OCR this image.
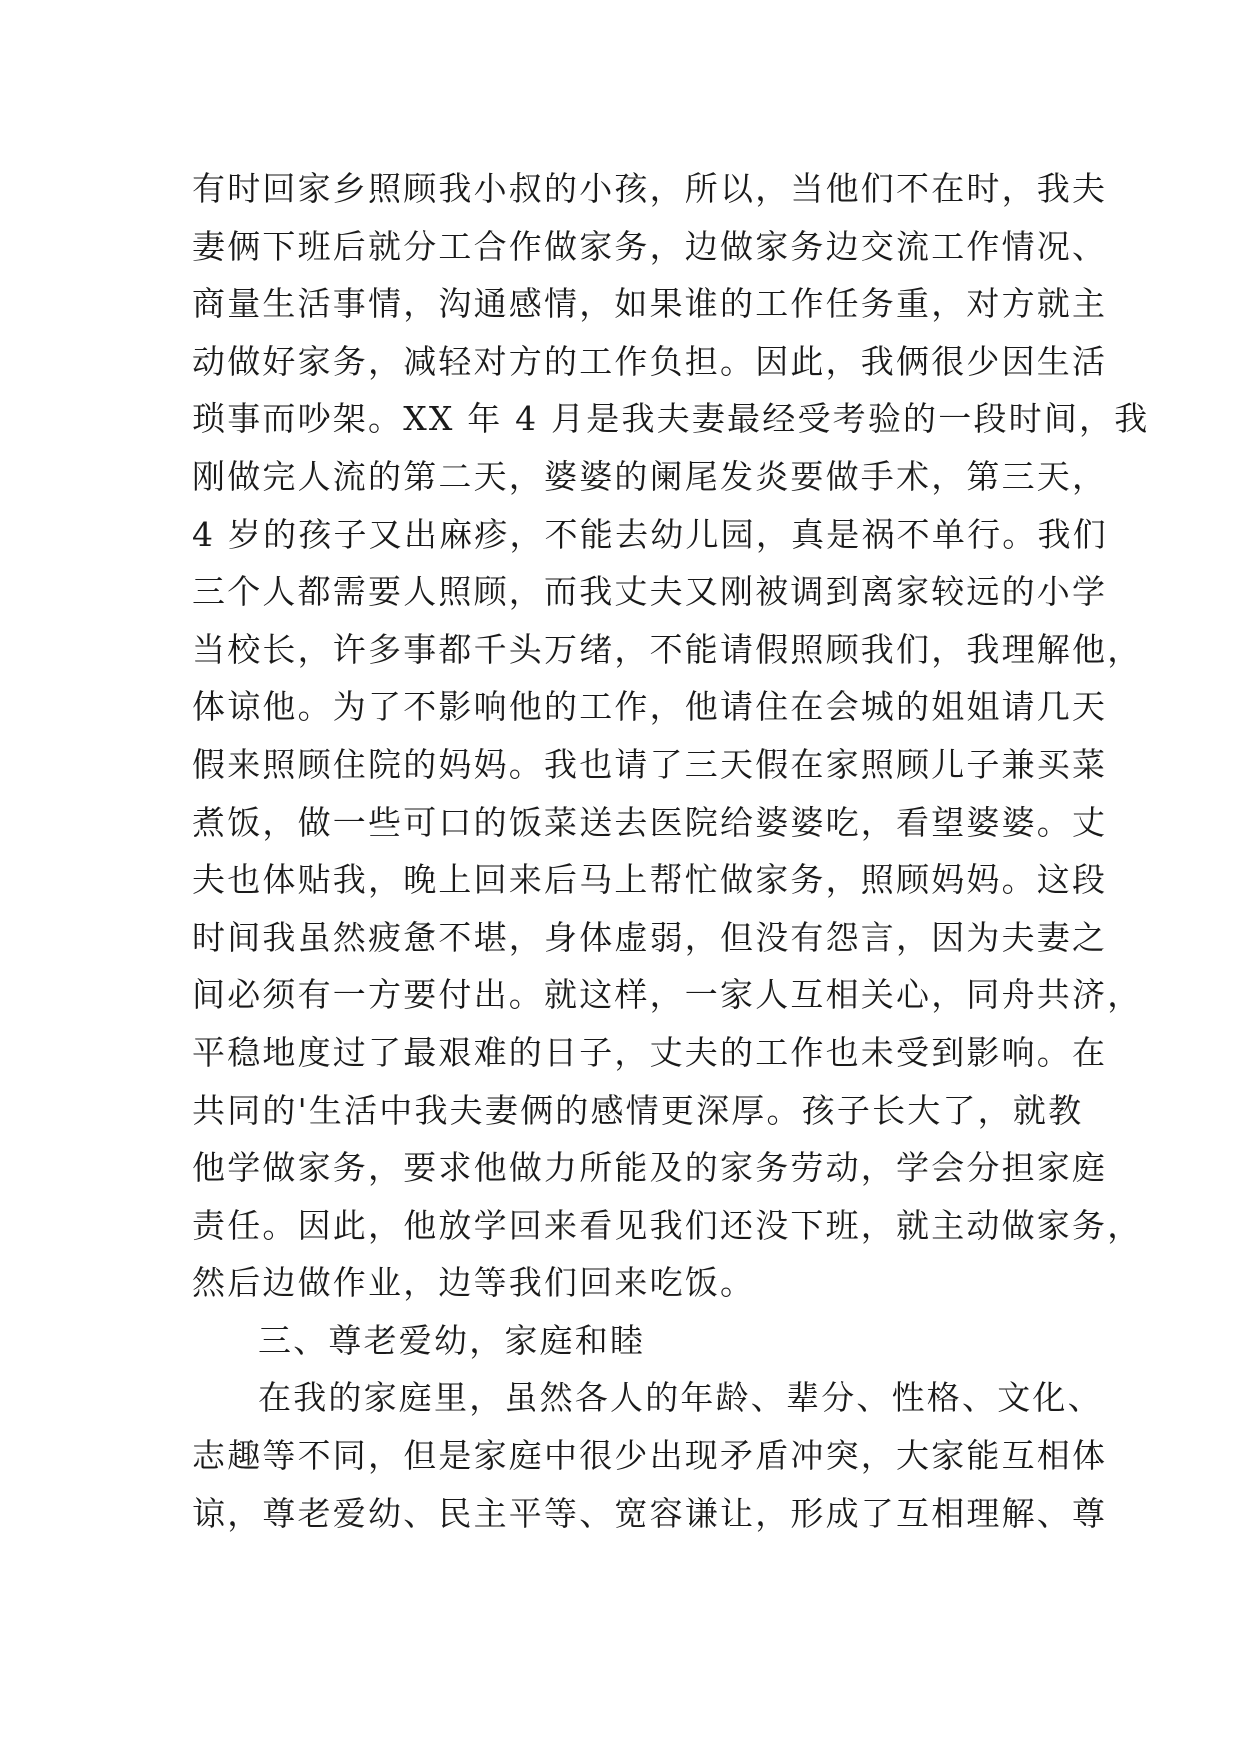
有时回家乡照顾我小叔的小孩，所以，当他们不在时，我夫
妻俩下班后就分工合作做家务，边做家务边交流工作情况、
商量生活事情，沟通感情，如果谁的工作任务重，对方就主
动做好家务，减轻对方的工作负担。因此，我俩很少因生活
琐事而吵架。XX 年 4 月是我夫妻最经受考验的一段时间，我
刚做完人流的第二天，婆婆的阑尾发炎要做手术，第三天，
4 岁的孩子又出麻疹，不能去幼儿园，真是祸不单行。我们
三个人都需要人照顾，而我丈夫又刚被调到离家较远的小学
当校长，许多事都千头万绪，不能请假照顾我们，我理解他，
体谅他。为了不影响他的工作，他请住在会城的姐姐请几天
假来照顾住院的妈妈。我也请了三天假在家照顾儿子兼买菜
煮饭，做一些可口的饭菜送去医院给婆婆吃，看望婆婆。丈
夫也体贴我，晚上回来后马上帮忙做家务，照顾妈妈。这段
时间我虽然疲惫不堪，身体虚弱，但没有怨言，因为夫妻之
间必须有一方要付出。就这样，一家人互相关心，同舟共济，
平稳地度过了最艰难的日子，丈夫的工作也未受到影响。在
共同的'生活中我夫妻俩的感情更深厚。孩子长大了，就教
他学做家务，要求他做力所能及的家务劳动，学会分担家庭
责任。因此，他放学回来看见我们还没下班，就主动做家务，
然后边做作业，边等我们回来吃饭。
三、尊老爱幼，家庭和睦
在我的家庭里，虽然各人的年龄、辈分、性格、文化、
志趣等不同，但是家庭中很少出现矛盾冲突，大家能互相体
谅，尊老爱幼、民主平等、宽容谦让，形成了互相理解、尊
